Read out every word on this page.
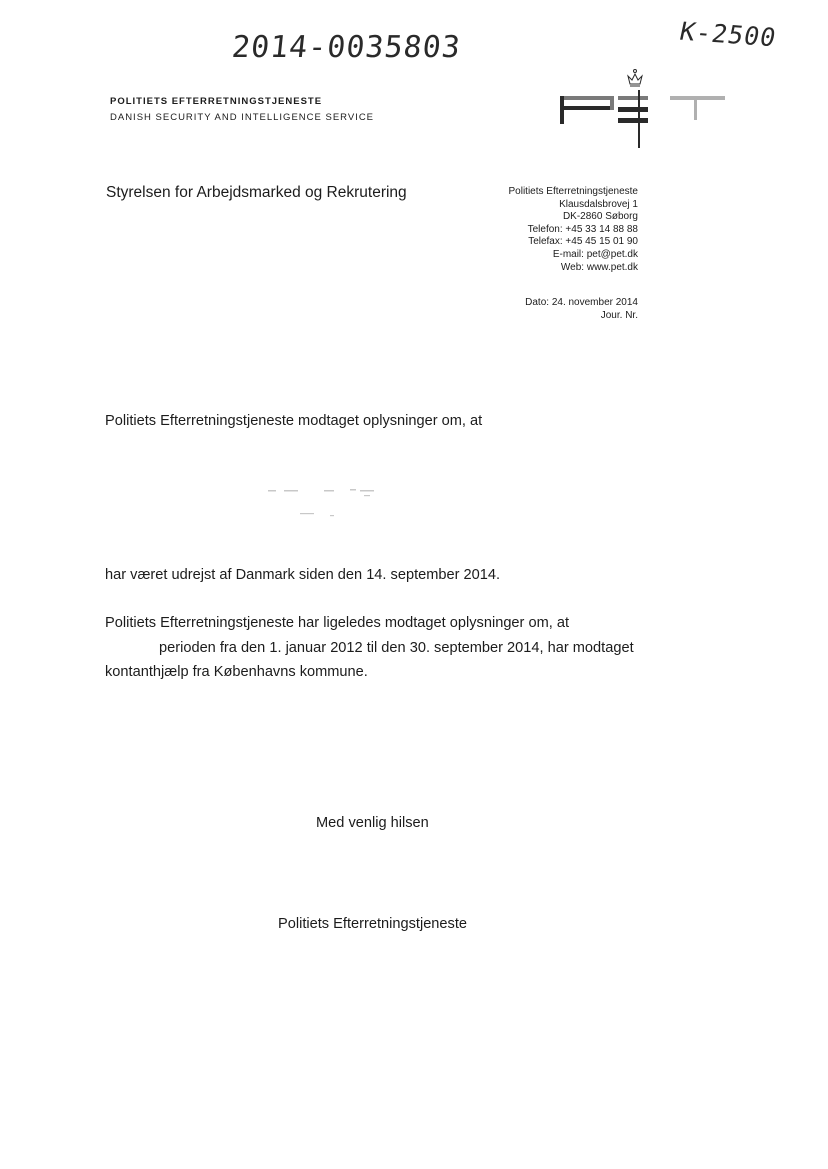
2014-0035803	K-2500
POLITIETS EFTERRETNINGSTJENESTE
DANISH SECURITY AND INTELLIGENCE SERVICE
Styrelsen for Arbejdsmarked og Rekrutering	Politiets Efterretningstjeneste
Klausdalsbrovej 1
DK-2860 Søborg
Telefon: +45 33 14 88 88
Telefax: +45 45 15 01 90
E-mail: pet@pet.dk
Web: www.pet.dk
Dato: 24. november 2014
Jour. Nr.
Politiets Efterretningstjeneste modtaget oplysninger om, at
har været udrejst af Danmark siden den 14. september 2014.
Politiets Efterretningstjeneste har ligeledes modtaget oplysninger om, at
perioden fra den 1. januar 2012 til den 30. september 2014, har modtaget
kontanthjælp fra Københavns kommune.
Med venlig hilsen
Politiets Efterretningstjeneste
